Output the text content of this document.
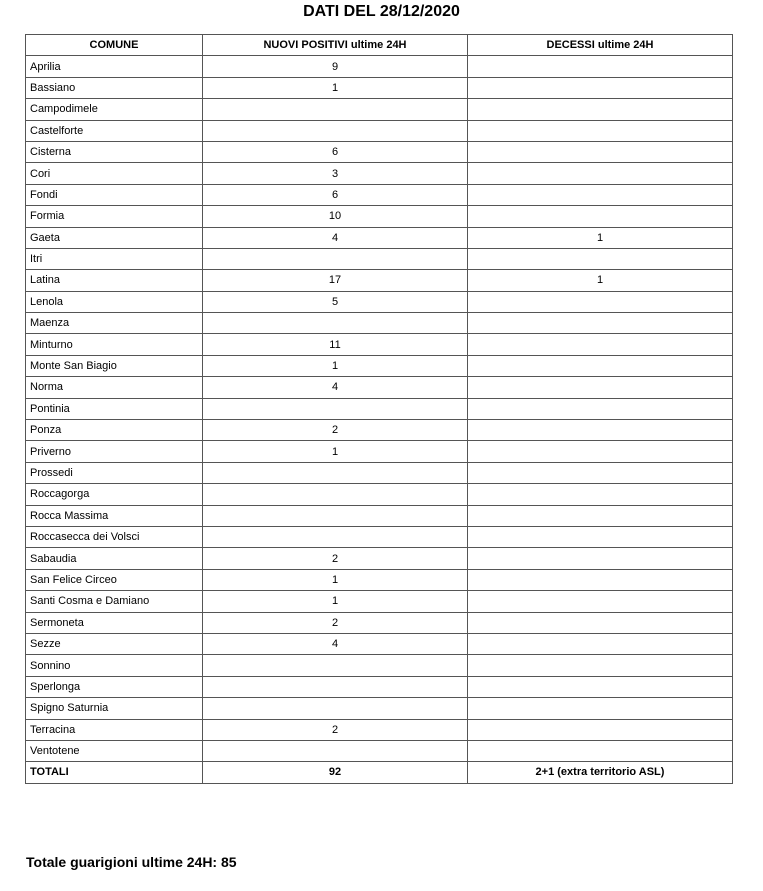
DATI DEL 28/12/2020
COMUNE	NUOVI POSITIVI ultime 24H	DECESSI ultime 24H
Aprilia	9	
Bassiano	1	
Campodimele		
Castelforte		
Cisterna	6	
Cori	3	
Fondi	6	
Formia	10	
Gaeta	4	1
Itri		
Latina	17	1
Lenola	5	
Maenza		
Minturno	11	
Monte San Biagio	1	
Norma	4	
Pontinia		
Ponza	2	
Priverno	1	
Prossedi		
Roccagorga		
Rocca Massima		
Roccasecca dei Volsci		
Sabaudia	2	
San Felice Circeo	1	
Santi Cosma e Damiano	1	
Sermoneta	2	
Sezze	4	
Sonnino		
Sperlonga		
Spigno Saturnia		
Terracina	2	
Ventotene		
TOTALI	92	2+1 (extra territorio ASL)
Totale guarigioni ultime 24H: 85
